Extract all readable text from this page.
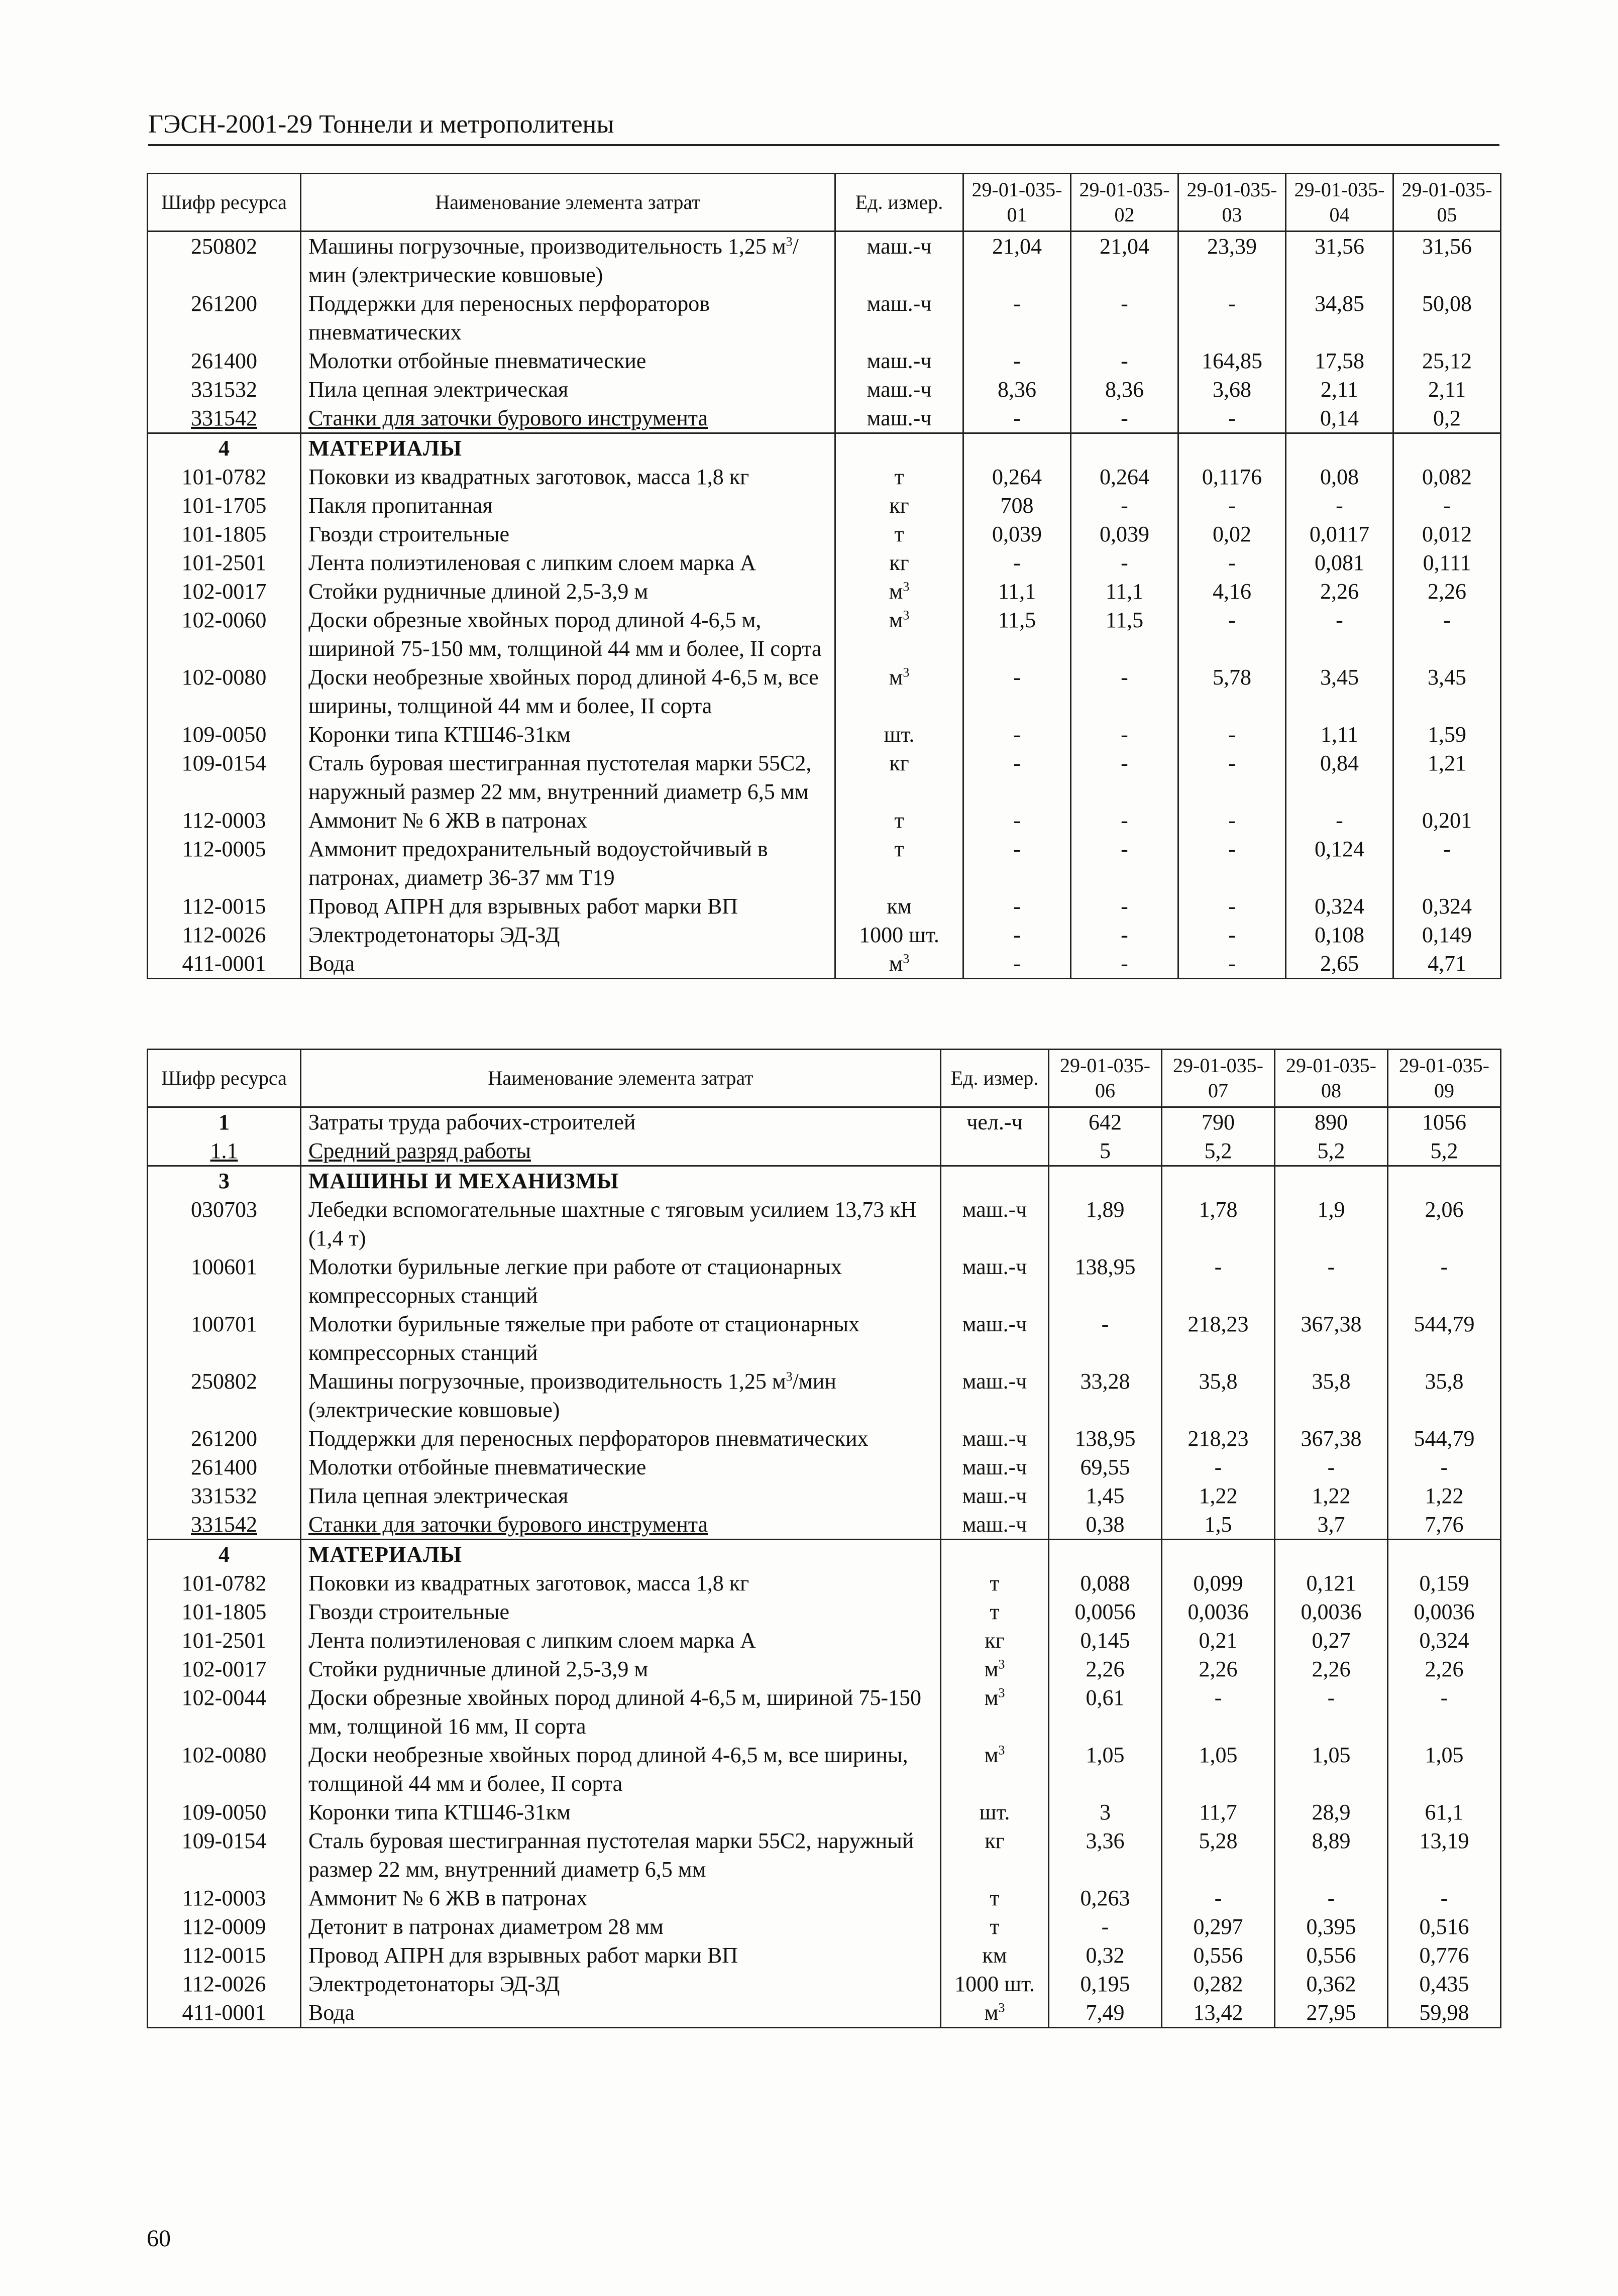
ГЭСН-2001-29 Тоннели и метрополитены
Шифр ресурса	Наименование элемента затрат	Ед. измер.	29-01-035-01	29-01-035-02	29-01-035-03	29-01-035-04	29-01-035-05
250802	Машины погрузочные, производительность 1,25 $м^3$/мин (электрические ковшовые)	маш.-ч	21,04	21,04	23,39	31,56	31,56
261200	Поддержки для переносных перфораторов пневматических	маш.-ч	-	-	-	34,85	50,08
261400	Молотки отбойные пневматические	маш.-ч	-	-	164,85	17,58	25,12
331532	Пила цепная электрическая	маш.-ч	8,36	8,36	3,68	2,11	2,11
331542	Станки для заточки бурового инструмента	маш.-ч	-	-	-	0,14	0,2
4	МАТЕРИАЛЫ						
101-0782	Поковки из квадратных заготовок, масса 1,8 кг	т	0,264	0,264	0,1176	0,08	0,082
101-1705	Пакля пропитанная	кг	708	-	-	-	-
101-1805	Гвозди строительные	т	0,039	0,039	0,02	0,0117	0,012
101-2501	Лента полиэтиленовая с липким слоем марка А	кг	-	-	-	0,081	0,111
102-0017	Стойки рудничные длиной 2,5-3,9 м	$м^3$	11,1	11,1	4,16	2,26	2,26
102-0060	Доски обрезные хвойных пород длиной 4-6,5 м, шириной 75-150 мм, толщиной 44 мм и более, II сорта	$м^3$	11,5	11,5	-	-	-
102-0080	Доски необрезные хвойных пород длиной 4-6,5 м, все ширины, толщиной 44 мм и более, II сорта	$м^3$	-	-	5,78	3,45	3,45
109-0050	Коронки типа КТШ46-31км	шт.	-	-	-	1,11	1,59
109-0154	Сталь буровая шестигранная пустотелая марки 55С2, наружный размер 22 мм, внутренний диаметр 6,5 мм	кг	-	-	-	0,84	1,21
112-0003	Аммонит № 6 ЖВ в патронах	т	-	-	-	-	0,201
112-0005	Аммонит предохранительный водоустойчивый в патронах, диаметр 36-37 мм Т19	т	-	-	-	0,124	-
112-0015	Провод АПРН для взрывных работ марки ВП	км	-	-	-	0,324	0,324
112-0026	Электродетонаторы ЭД-ЗД	1000 шт.	-	-	-	0,108	0,149
411-0001	Вода	$м^3$	-	-	-	2,65	4,71
Шифр ресурса	Наименование элемента затрат	Ед. измер.	29-01-035-06	29-01-035-07	29-01-035-08	29-01-035-09
1	Затраты труда рабочих-строителей	чел.-ч	642	790	890	1056
1.1	Средний разряд работы		5	5,2	5,2	5,2
3	МАШИНЫ И МЕХАНИЗМЫ					
030703	Лебедки вспомогательные шахтные с тяговым усилием 13,73 кН (1,4 т)	маш.-ч	1,89	1,78	1,9	2,06
100601	Молотки бурильные легкие при работе от стационарных компрессорных станций	маш.-ч	138,95	-	-	-
100701	Молотки бурильные тяжелые при работе от стационарных компрессорных станций	маш.-ч	-	218,23	367,38	544,79
250802	Машины погрузочные, производительность 1,25 $м^3$/мин (электрические ковшовые)	маш.-ч	33,28	35,8	35,8	35,8
261200	Поддержки для переносных перфораторов пневматических	маш.-ч	138,95	218,23	367,38	544,79
261400	Молотки отбойные пневматические	маш.-ч	69,55	-	-	-
331532	Пила цепная электрическая	маш.-ч	1,45	1,22	1,22	1,22
331542	Станки для заточки бурового инструмента	маш.-ч	0,38	1,5	3,7	7,76
4	МАТЕРИАЛЫ					
101-0782	Поковки из квадратных заготовок, масса 1,8 кг	т	0,088	0,099	0,121	0,159
101-1805	Гвозди строительные	т	0,0056	0,0036	0,0036	0,0036
101-2501	Лента полиэтиленовая с липким слоем марка А	кг	0,145	0,21	0,27	0,324
102-0017	Стойки рудничные длиной 2,5-3,9 м	$м^3$	2,26	2,26	2,26	2,26
102-0044	Доски обрезные хвойных пород длиной 4-6,5 м, шириной 75-150 мм, толщиной 16 мм, II сорта	$м^3$	0,61	-	-	-
102-0080	Доски необрезные хвойных пород длиной 4-6,5 м, все ширины, толщиной 44 мм и более, II сорта	$м^3$	1,05	1,05	1,05	1,05
109-0050	Коронки типа КТШ46-31км	шт.	3	11,7	28,9	61,1
109-0154	Сталь буровая шестигранная пустотелая марки 55С2, наружный размер 22 мм, внутренний диаметр 6,5 мм	кг	3,36	5,28	8,89	13,19
112-0003	Аммонит № 6 ЖВ в патронах	т	0,263	-	-	-
112-0009	Детонит в патронах диаметром 28 мм	т	-	0,297	0,395	0,516
112-0015	Провод АПРН для взрывных работ марки ВП	км	0,32	0,556	0,556	0,776
112-0026	Электродетонаторы ЭД-ЗД	1000 шт.	0,195	0,282	0,362	0,435
411-0001	Вода	$м^3$	7,49	13,42	27,95	59,98
60
